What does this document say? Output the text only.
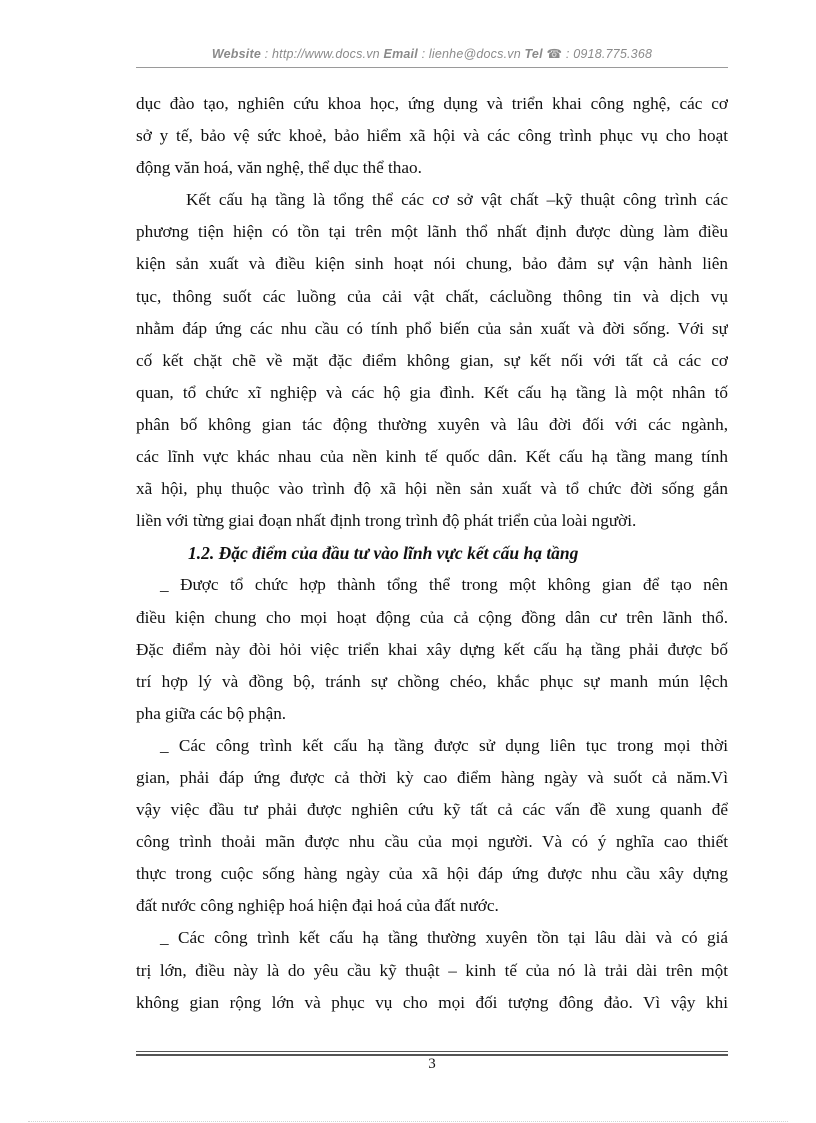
Website : http://www.docs.vn Email : lienhe@docs.vn Tel ☎ : 0918.775.368
dục đào tạo, nghiên cứu khoa học, ứng dụng và triển khai công nghệ, các cơ
sở y tế, bảo vệ sức khoẻ, bảo hiểm xã hội và các công trình phục vụ cho hoạt
động văn hoá, văn nghệ, thể dục thể thao.
Kết cấu hạ tầng là tổng thể các cơ sở vật chất –kỹ thuật công trình các
phương tiện hiện có tồn tại trên một lãnh thổ nhất định được dùng làm điều
kiện sản xuất và điều kiện sinh hoạt nói chung, bảo đảm sự vận hành liên
tục, thông suốt các luồng của cải vật chất, cácluồng thông tin và dịch vụ
nhằm đáp ứng các nhu cầu có tính phổ biến của sản xuất và đời sống. Với sự
cố kết chặt chẽ về mặt đặc điểm không gian, sự kết nối với tất cả các cơ
quan, tổ chức xĩ nghiệp và các hộ gia đình. Kết cấu hạ tầng là một nhân tố
phân bố không gian tác động thường xuyên và lâu đời đối với các ngành,
các lĩnh vực khác nhau của nền kinh tế quốc dân. Kết cấu hạ tầng mang tính
xã hội, phụ thuộc vào trình độ xã hội nền sản xuất và tổ chức đời sống gắn
liền với từng giai đoạn nhất định trong trình độ phát triển của loài người.
1.2. Đặc điểm của đầu tư vào lĩnh vực kết cấu hạ tầng
_ Được tổ chức hợp thành tổng thể trong một không gian để tạo nên
điều kiện chung cho mọi hoạt động của cả cộng đồng dân cư trên lãnh thổ.
Đặc điểm này đòi hỏi việc triển khai xây dựng kết cấu hạ tầng phải được bố
trí hợp lý và đồng bộ, tránh sự chồng chéo, khắc phục sự manh mún lệch
pha giữa các bộ phận.
_ Các công trình kết cấu hạ tầng được sử dụng liên tục trong mọi thời
gian, phải đáp ứng được cả thời kỳ cao điểm hàng ngày và suốt cả năm.Vì
vậy việc đầu tư phải được nghiên cứu kỹ tất cả các vấn đề xung quanh để
công trình thoải mãn được nhu cầu của mọi người. Và có ý nghĩa cao thiết
thực trong cuộc sống hàng ngày của xã hội đáp ứng được nhu cầu xây dựng
đất nước công nghiệp hoá hiện đại hoá của đất nước.
_ Các công trình kết cấu hạ tầng thường xuyên tồn tại lâu dài và có giá
trị lớn, điều này là do yêu cầu kỹ thuật – kinh tế của nó là trải dài trên một
không gian rộng lớn và phục vụ cho mọi đối tượng đông đảo. Vì vậy khi
3
